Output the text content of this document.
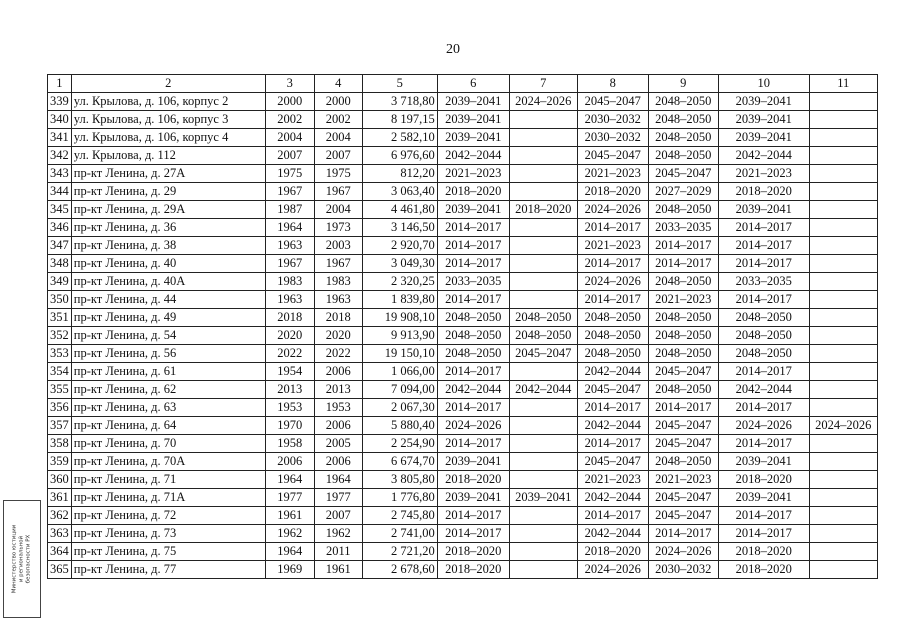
20
1	2	3	4	5	6	7	8	9	10	11
339	ул. Крылова, д. 106, корпус 2	2000	2000	3 718,80	2039–2041	2024–2026	2045–2047	2048–2050	2039–2041	
340	ул. Крылова, д. 106, корпус 3	2002	2002	8 197,15	2039–2041		2030–2032	2048–2050	2039–2041	
341	ул. Крылова, д. 106, корпус 4	2004	2004	2 582,10	2039–2041		2030–2032	2048–2050	2039–2041	
342	ул. Крылова, д. 112	2007	2007	6 976,60	2042–2044		2045–2047	2048–2050	2042–2044	
343	пр-кт Ленина, д. 27А	1975	1975	812,20	2021–2023		2021–2023	2045–2047	2021–2023	
344	пр-кт Ленина, д. 29	1967	1967	3 063,40	2018–2020		2018–2020	2027–2029	2018–2020	
345	пр-кт Ленина, д. 29А	1987	2004	4 461,80	2039–2041	2018–2020	2024–2026	2048–2050	2039–2041	
346	пр-кт Ленина, д. 36	1964	1973	3 146,50	2014–2017		2014–2017	2033–2035	2014–2017	
347	пр-кт Ленина, д. 38	1963	2003	2 920,70	2014–2017		2021–2023	2014–2017	2014–2017	
348	пр-кт Ленина, д. 40	1967	1967	3 049,30	2014–2017		2014–2017	2014–2017	2014–2017	
349	пр-кт Ленина, д. 40А	1983	1983	2 320,25	2033–2035		2024–2026	2048–2050	2033–2035	
350	пр-кт Ленина, д. 44	1963	1963	1 839,80	2014–2017		2014–2017	2021–2023	2014–2017	
351	пр-кт Ленина, д. 49	2018	2018	19 908,10	2048–2050	2048–2050	2048–2050	2048–2050	2048–2050	
352	пр-кт Ленина, д. 54	2020	2020	9 913,90	2048–2050	2048–2050	2048–2050	2048–2050	2048–2050	
353	пр-кт Ленина, д. 56	2022	2022	19 150,10	2048–2050	2045–2047	2048–2050	2048–2050	2048–2050	
354	пр-кт Ленина, д. 61	1954	2006	1 066,00	2014–2017		2042–2044	2045–2047	2014–2017	
355	пр-кт Ленина, д. 62	2013	2013	7 094,00	2042–2044	2042–2044	2045–2047	2048–2050	2042–2044	
356	пр-кт Ленина, д. 63	1953	1953	2 067,30	2014–2017		2014–2017	2014–2017	2014–2017	
357	пр-кт Ленина, д. 64	1970	2006	5 880,40	2024–2026		2042–2044	2045–2047	2024–2026	2024–2026
358	пр-кт Ленина, д. 70	1958	2005	2 254,90	2014–2017		2014–2017	2045–2047	2014–2017	
359	пр-кт Ленина, д. 70А	2006	2006	6 674,70	2039–2041		2045–2047	2048–2050	2039–2041	
360	пр-кт Ленина, д. 71	1964	1964	3 805,80	2018–2020		2021–2023	2021–2023	2018–2020	
361	пр-кт Ленина, д. 71А	1977	1977	1 776,80	2039–2041	2039–2041	2042–2044	2045–2047	2039–2041	
362	пр-кт Ленина, д. 72	1961	2007	2 745,80	2014–2017		2014–2017	2045–2047	2014–2017	
363	пр-кт Ленина, д. 73	1962	1962	2 741,00	2014–2017		2042–2044	2014–2017	2014–2017	
364	пр-кт Ленина, д. 75	1964	2011	2 721,20	2018–2020		2018–2020	2024–2026	2018–2020	
365	пр-кт Ленина, д. 77	1969	1961	2 678,60	2018–2020		2024–2026	2030–2032	2018–2020	
Министерство юстиции и региональной безопасности РХ
